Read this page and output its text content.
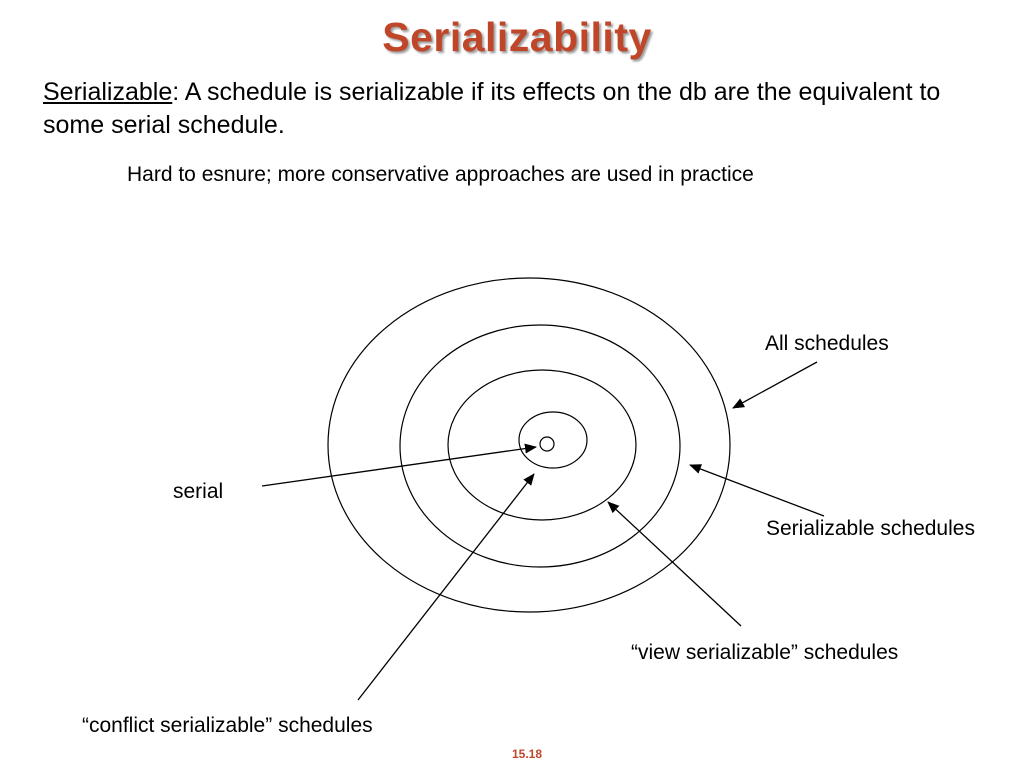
Serializability
Serializable: A schedule is serializable if its effects on the db are the equivalent to some serial schedule.
Hard to esnure; more conservative approaches are used in practice
All schedules
serial
Serializable schedules
“view serializable” schedules
“conflict serializable” schedules
15.18
